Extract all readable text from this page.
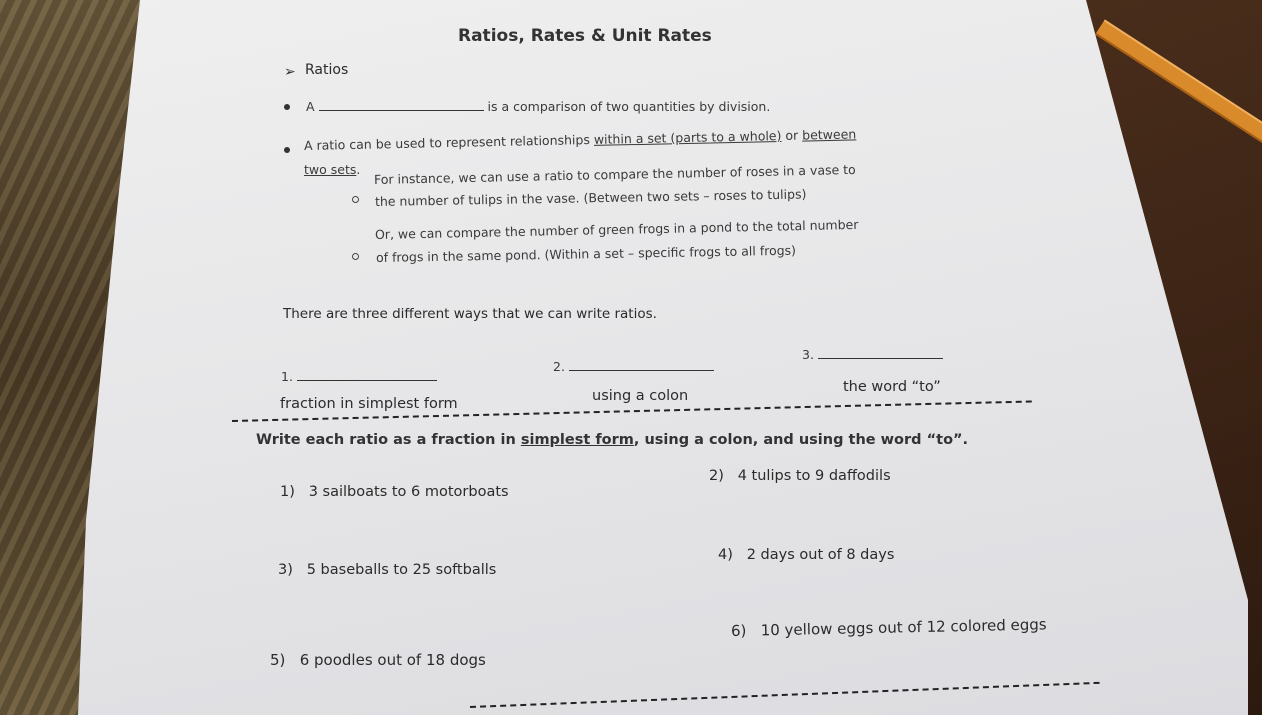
Ratios, Rates & Unit Rates
➢ Ratios
A	is a comparison of two quantities by division.
A ratio can be used to represent relationships within a set (parts to a whole) or between
two sets. For instance, we can use a ratio to compare the number of roses in a vase to
the number of tulips in the vase. (Between two sets – roses to tulips)
Or, we can compare the number of green frogs in a pond to the total number
of frogs in the same pond. (Within a set – specific frogs to all frogs)
There are three different ways that we can write ratios.
1.
2.
3.
fraction in simplest form	using a colon
the word “to”
Write each ratio as a fraction in simplest form, using a colon, and using the word “to”.
1) 3 sailboats to 6 motorboats
2) 4 tulips to 9 daffodils
3) 5 baseballs to 25 softballs
4) 2 days out of 8 days
5) 6 poodles out of 18 dogs
6) 10 yellow eggs out of 12 colored eggs
